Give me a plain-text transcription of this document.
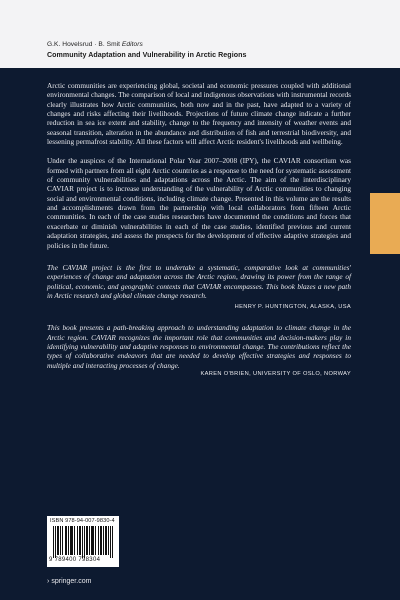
G.K. Hovelsrud · B. Smit Editors
Community Adaptation and Vulnerability in Arctic Regions

Arctic communities are experiencing global, societal and economic pressures coupled with additional environmental changes. The comparison of local and indigenous observations with instrumental records clearly illustrates how Arctic communities, both now and in the past, have adapted to a variety of changes and risks affecting their livelihoods. Projections of future climate change indicate a further reduction in sea ice extent and stability, change to the frequency and intensity of weather events and seasonal transition, alteration in the abundance and distribution of fish and terrestrial biodiversity, and lessening permafrost stability. All these factors will affect Arctic resident's livelihoods and wellbeing.

Under the auspices of the International Polar Year 2007–2008 (IPY), the CAVIAR consortium was formed with partners from all eight Arctic countries as a response to the need for systematic assessment of community vulnerabilities and adaptations across the Arctic. The aim of the interdisciplinary CAVIAR project is to increase understanding of the vulnerability of Arctic communities to changing social and environmental conditions, including climate change. Presented in this volume are the results and accomplishments drawn from the partnership with local collaborators from fifteen Arctic communities. In each of the case studies researchers have documented the conditions and forces that exacerbate or diminish vulnerabilities in each of the case studies, identified previous and current adaptation strategies, and assess the prospects for the development of effective adaptive strategies and policies in the future.

The CAVIAR project is the first to undertake a systematic, comparative look at communities' experiences of change and adaptation across the Arctic region, drawing its power from the range of political, economic, and geographic contexts that CAVIAR encompasses. This book blazes a new path in Arctic research and global climate change research.

HENRY P. HUNTINGTON, ALASKA, USA

This book presents a path-breaking approach to understanding adaptation to climate change in the Arctic region. CAVIAR recognizes the important role that communities and decision-makers play in identifying vulnerability and adaptive responses to environmental change. The contributions reflect the types of collaborative endeavors that are needed to develop effective strategies and responses to multiple and interacting processes of change.

KAREN O'BRIEN, UNIVERSITY OF OSLO, NORWAY
ISBN 978-94-007-9830-4
9 789400 798304
› springer.com
